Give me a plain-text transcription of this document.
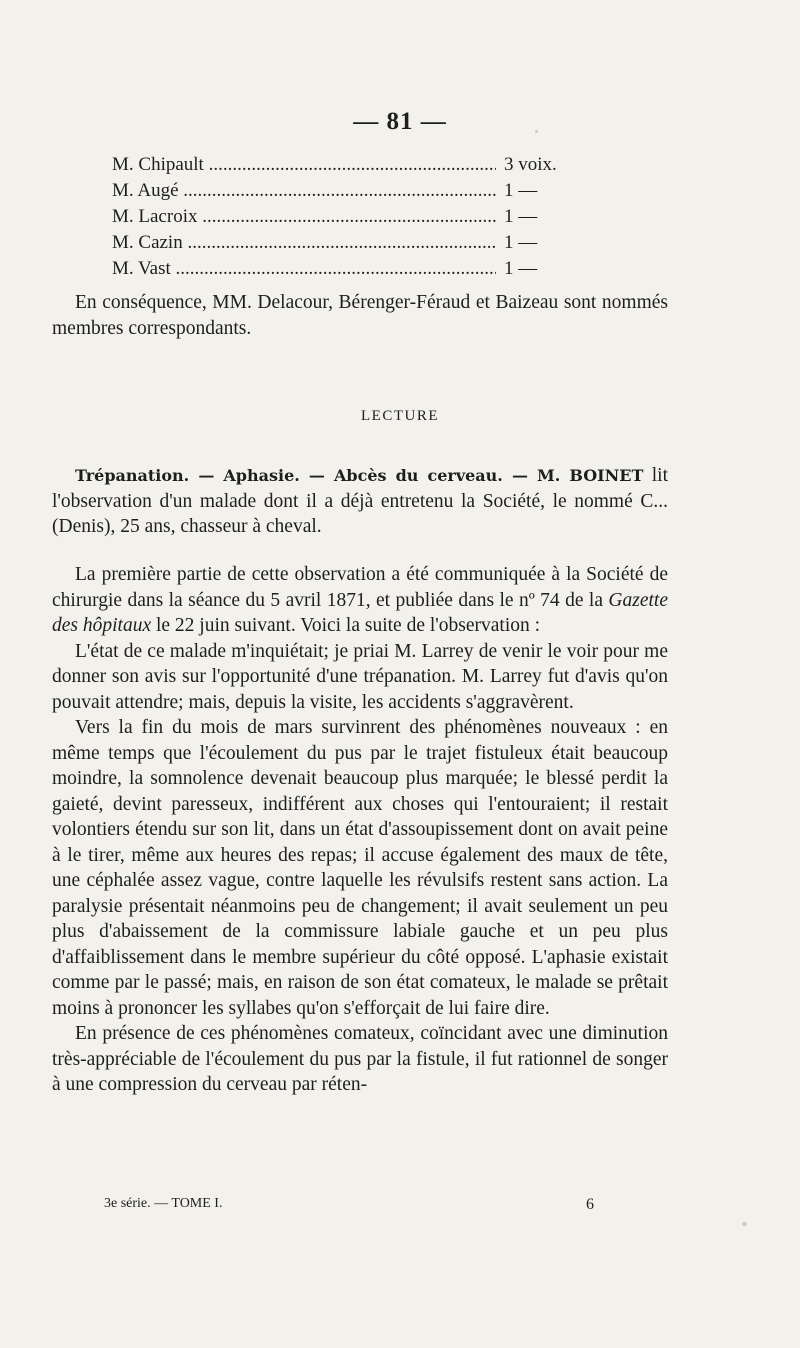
— 81 —
M. Chipault .....	3 voix.
M. Augé .....	1 —
M. Lacroix .....	1 —
M. Cazin .....	1 —
M. Vast .....	1 —
En conséquence, MM. Delacour, Bérenger-Féraud et Baizeau sont nommés membres correspondants.
LECTURE

Trépanation. — Aphasie. — Abcès du cerveau. — M. BOINET lit l'observation d'un malade dont il a déjà entretenu la Société, le nommé C... (Denis), 25 ans, chasseur à cheval.

La première partie de cette observation a été communiquée à la Société de chirurgie dans la séance du 5 avril 1871, et publiée dans le nº 74 de la Gazette des hôpitaux le 22 juin suivant. Voici la suite de l'observation :

L'état de ce malade m'inquiétait; je priai M. Larrey de venir le voir pour me donner son avis sur l'opportunité d'une trépanation. M. Larrey fut d'avis qu'on pouvait attendre; mais, depuis la visite, les accidents s'aggravèrent.

Vers la fin du mois de mars survinrent des phénomènes nouveaux : en même temps que l'écoulement du pus par le trajet fistuleux était beaucoup moindre, la somnolence devenait beaucoup plus marquée; le blessé perdit la gaieté, devint paresseux, indifférent aux choses qui l'entouraient; il restait volontiers étendu sur son lit, dans un état d'assoupissement dont on avait peine à le tirer, même aux heures des repas; il accuse également des maux de tête, une céphalée assez vague, contre laquelle les révulsifs restent sans action. La paralysie présentait néanmoins peu de changement; il avait seulement un peu plus d'abaissement de la commissure labiale gauche et un peu plus d'affaiblissement dans le membre supérieur du côté opposé. L'aphasie existait comme par le passé; mais, en raison de son état comateux, le malade se prêtait moins à prononcer les syllabes qu'on s'efforçait de lui faire dire.

En présence de ces phénomènes comateux, coïncidant avec une diminution très-appréciable de l'écoulement du pus par la fistule, il fut rationnel de songer à une compression du cerveau par réten-

3e série. — TOME I.	6
